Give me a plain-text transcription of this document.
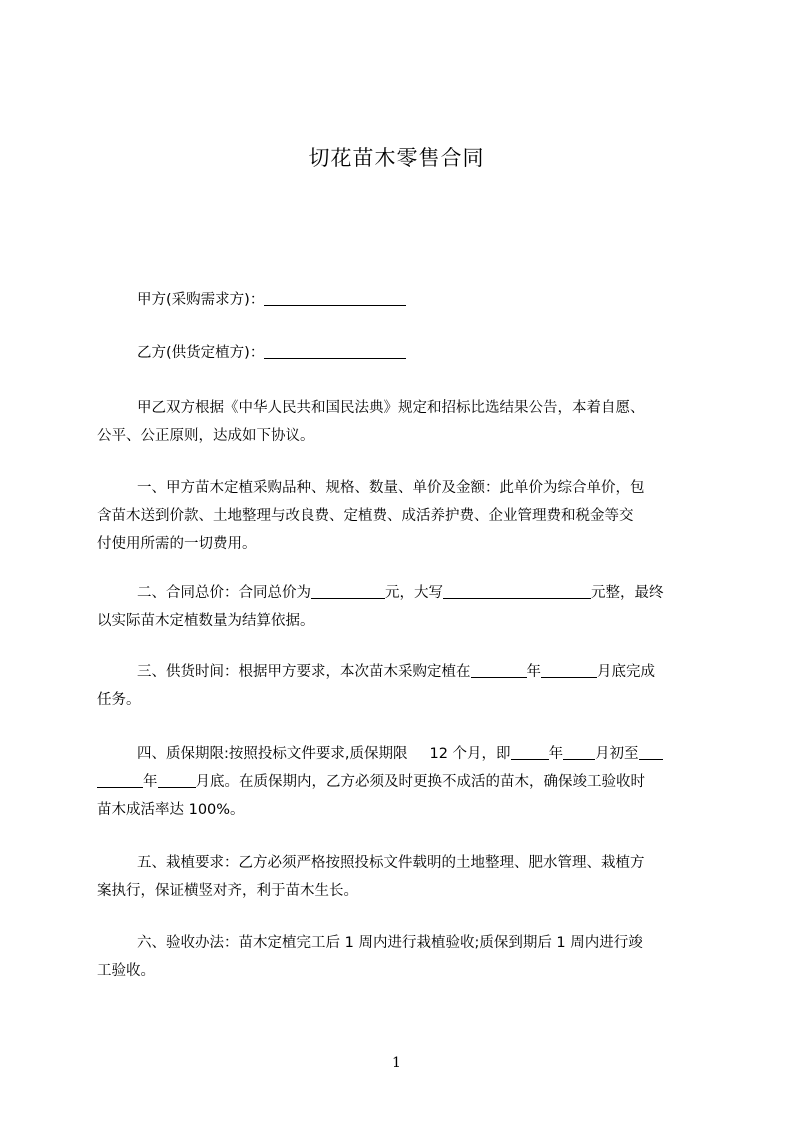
切花苗木零售合同
甲方(采购需求方)：
乙方(供货定植方)：
甲乙双方根据《中华人民共和国民法典》规定和招标比选结果公告，本着自愿、
公平、公正原则，达成如下协议。
一、甲方苗木定植采购品种、规格、数量、单价及金额：此单价为综合单价，包
含苗木送到价款、土地整理与改良费、定植费、成活养护费、企业管理费和税金等交
付使用所需的一切费用。
二、合同总价：合同总价为	元，大写	元整，最终
以实际苗木定植数量为结算依据。
三、供货时间：根据甲方要求，本次苗木采购定植在	年	月底完成
任务。
四、质保期限:按照投标文件要求,质保期限 12 个月，即	年 月初至
年	月底。在质保期内，乙方必须及时更换不成活的苗木，确保竣工验收时
苗木成活率达 100%。
五、栽植要求：乙方必须严格按照投标文件载明的土地整理、肥水管理、栽植方
案执行，保证横竖对齐，利于苗木生长。
六、验收办法：苗木定植完工后 1 周内进行栽植验收;质保到期后 1 周内进行竣
工验收。
1
